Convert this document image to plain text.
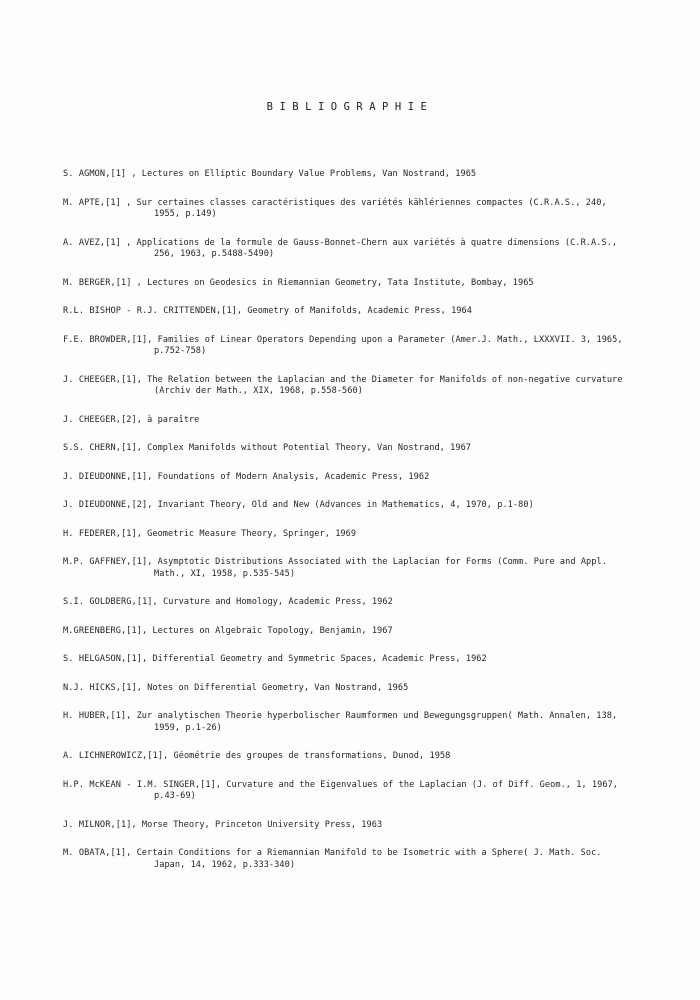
BIBLIOGRAPHIE
S. AGMON,[1] , Lectures on Elliptic Boundary Value Problems, Van Nostrand, 1965
M. APTE,[1] , Sur certaines classes caractéristiques des variétés kählériennes compactes (C.R.A.S., 240, 1955, p.149)
A. AVEZ,[1] , Applications de la formule de Gauss-Bonnet-Chern aux variétés à quatre dimensions (C.R.A.S., 256, 1963, p.5488-5490)
M. BERGER,[1] , Lectures on Geodesics in Riemannian Geometry, Tata Institute, Bombay, 1965
R.L. BISHOP - R.J. CRITTENDEN,[1], Geometry of Manifolds, Academic Press, 1964
F.E. BROWDER,[1], Families of Linear Operators Depending upon a Parameter (Amer.J. Math., LXXXVII. 3, 1965, p.752-758)
J. CHEEGER,[1], The Relation between the Laplacian and the Diameter for Manifolds of non-negative curvature (Archiv der Math., XIX, 1968, p.558-560)
J. CHEEGER,[2], à paraître
S.S. CHERN,[1], Complex Manifolds without Potential Theory, Van Nostrand, 1967
J. DIEUDONNE,[1], Foundations of Modern Analysis, Academic Press, 1962
J. DIEUDONNE,[2], Invariant Theory, Old and New (Advances in Mathematics, 4, 1970, p.1-80)
H. FEDERER,[1], Geometric Measure Theory, Springer, 1969
M.P. GAFFNEY,[1], Asymptotic Distributions Associated with the Laplacian for Forms (Comm. Pure and Appl. Math., XI, 1958, p.535-545)
S.I. GOLDBERG,[1], Curvature and Homology, Academic Press, 1962
M.GREENBERG,[1], Lectures on Algebraic Topology, Benjamin, 1967
S. HELGASON,[1], Differential Geometry and Symmetric Spaces, Academic Press, 1962
N.J. HICKS,[1], Notes on Differential Geometry, Van Nostrand, 1965
H. HUBER,[1], Zur analytischen Theorie hyperbolischer Raumformen und Bewegungsgruppen( Math. Annalen, 138, 1959, p.1-26)
A. LICHNEROWICZ,[1], Géométrie des groupes de transformations, Dunod, 1958
H.P. McKEAN - I.M. SINGER,[1], Curvature and the Eigenvalues of the Laplacian (J. of Diff. Geom., 1, 1967, p.43-69)
J. MILNOR,[1], Morse Theory, Princeton University Press, 1963
M. OBATA,[1], Certain Conditions for a Riemannian Manifold to be Isometric with a Sphere( J. Math. Soc. Japan, 14, 1962, p.333-340)
